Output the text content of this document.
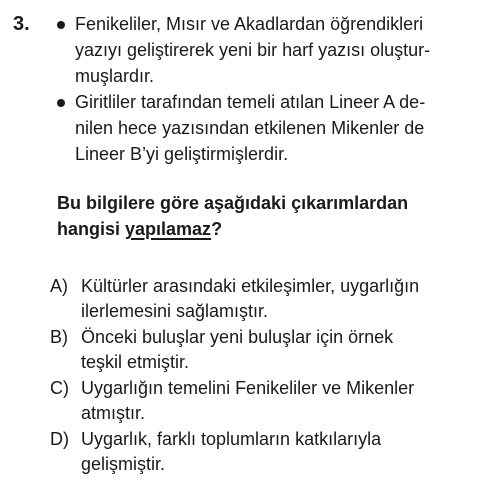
3.	Fenikeliler, Mısır ve Akadlardan öğrendikleri
yazıyı geliştirerek yeni bir harf yazısı oluştur-
muşlardır.
Giritliler tarafından temeli atılan Lineer A de-
nilen hece yazısından etkilenen Mikenler de
Lineer B’yi geliştirmişlerdir.
Bu bilgilere göre aşağıdaki çıkarımlardan
hangisi yapılamaz?
A) Kültürler arasındaki etkileşimler, uygarlığın
ilerlemesini sağlamıştır.
B) Önceki buluşlar yeni buluşlar için örnek
teşkil etmiştir.
C) Uygarlığın temelini Fenikeliler ve Mikenler
atmıştır.
D) Uygarlık, farklı toplumların katkılarıyla
gelişmiştir.
